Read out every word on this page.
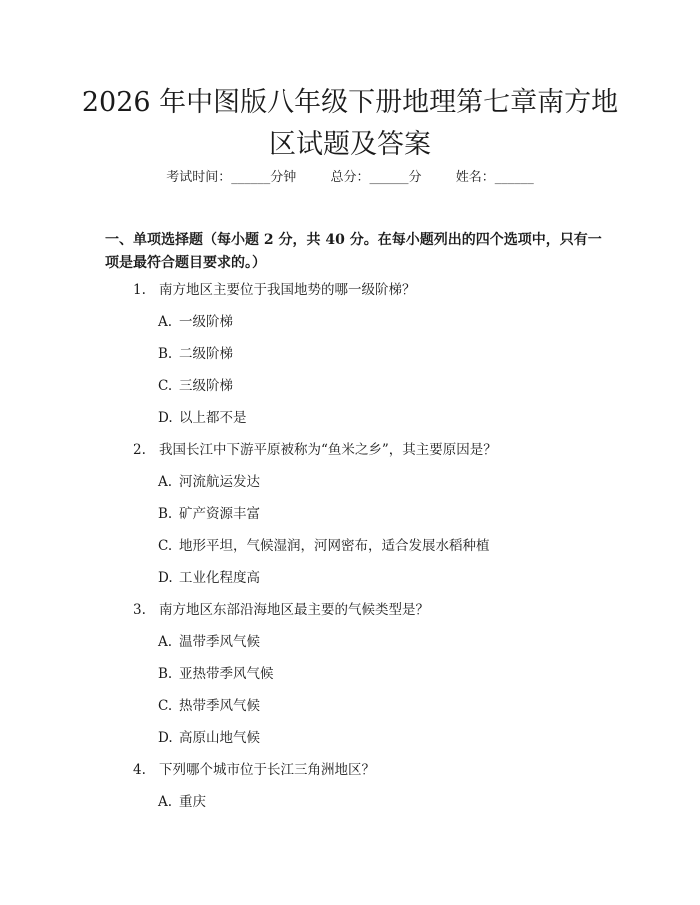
2026 年中图版八年级下册地理第七章南方地区试题及答案
考试时间：______分钟	总分：______分	姓名：______

一、单项选择题（每小题 2 分，共 40 分。在每小题列出的四个选项中，只有一项是最符合题目要求的。）

1. 南方地区主要位于我国地势的哪一级阶梯？
A. 一级阶梯
B. 二级阶梯
C. 三级阶梯
D. 以上都不是
2. 我国长江中下游平原被称为“鱼米之乡”，其主要原因是？
A. 河流航运发达
B. 矿产资源丰富
C. 地形平坦，气候湿润，河网密布，适合发展水稻种植
D. 工业化程度高
3. 南方地区东部沿海地区最主要的气候类型是？
A. 温带季风气候
B. 亚热带季风气候
C. 热带季风气候
D. 高原山地气候
4. 下列哪个城市位于长江三角洲地区？
A. 重庆
